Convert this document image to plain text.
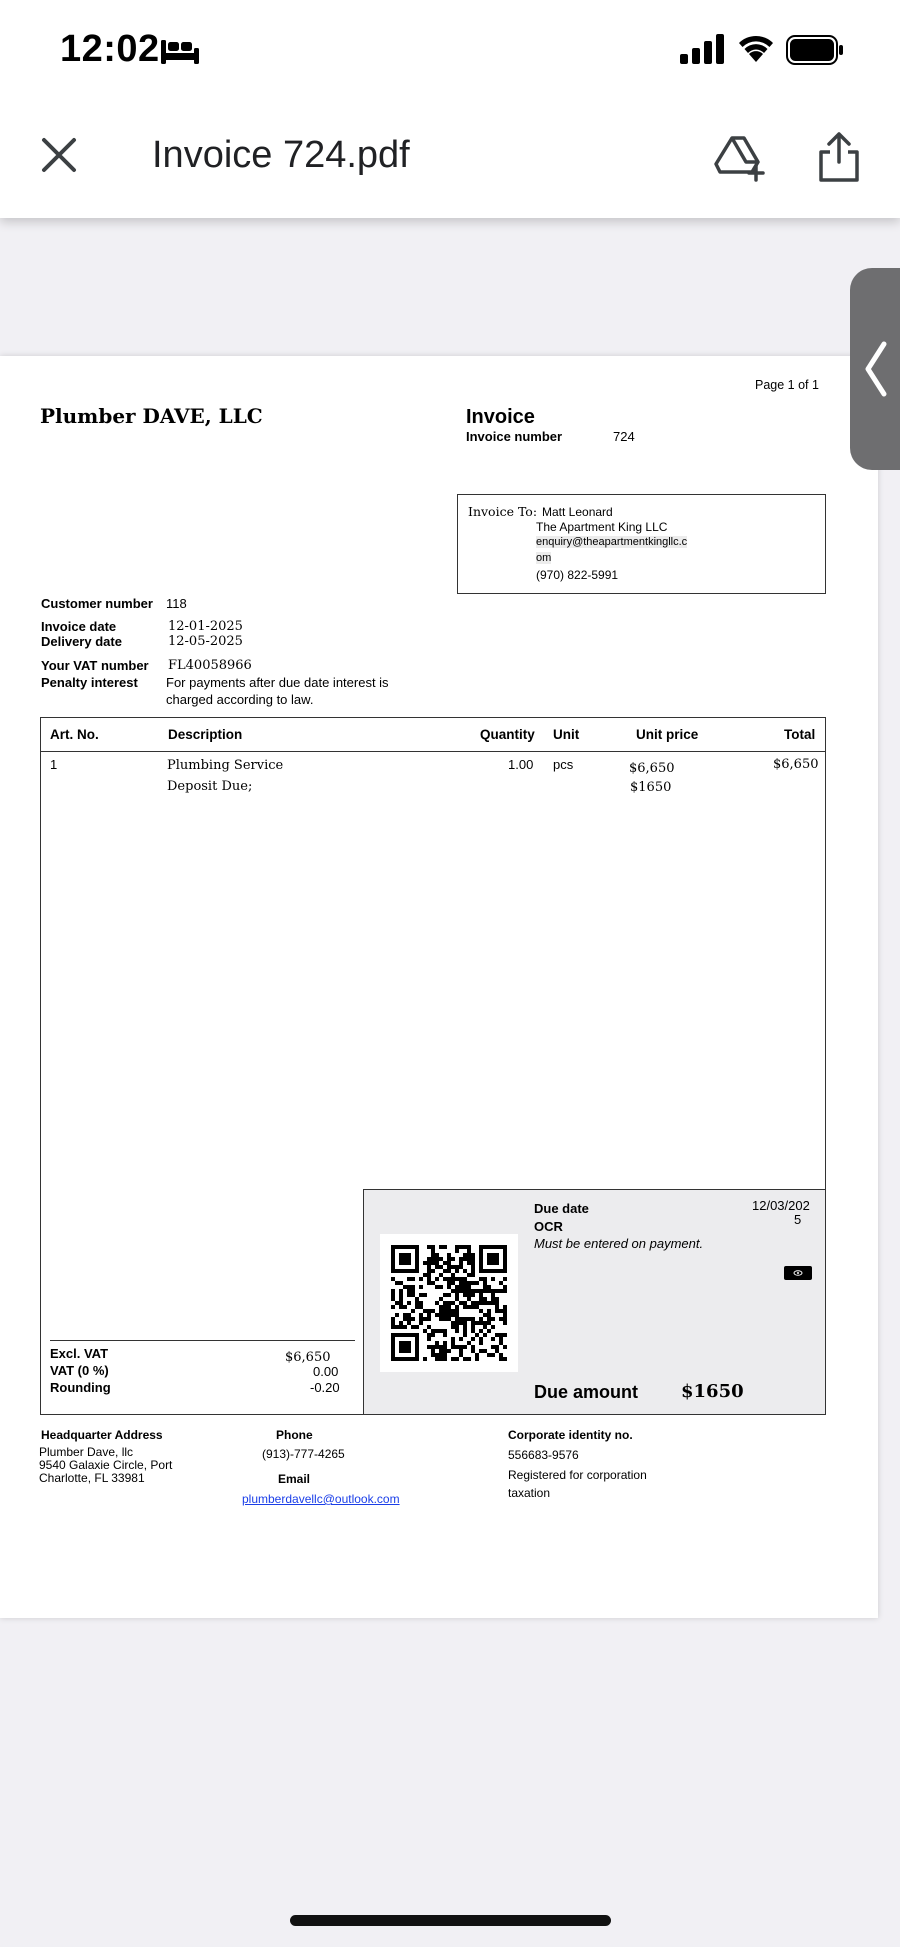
12:02
Invoice 724.pdf
Page 1 of 1
Plumber DAVE, LLC	Invoice
Invoice number	724
Invoice To: Matt Leonard
The Apartment King LLC
enquiry@theapartmentkingllc.c
om
(970) 822-5991
Customer number 118
Invoice date	12-01-2025
Delivery date	12-05-2025
Your VAT number FL40058966
Penalty interest For payments after due date interest is
charged according to law.
Art. No.	Description	Quantity Unit	Unit price	Total
1	Plumbing Service	1.00 pcs	$6,650	$6,650
Deposit Due;	$1650
Excl. VAT	$6,650
VAT (0 %)	0.00
Rounding	-0.20
Due date	12/03/202
5
OCR
Must be entered on payment.
Due amount $1650
Headquarter Address
Plumber Dave, llc
9540 Galaxie Circle, Port
Charlotte, FL 33981
Phone
(913)-777-4265
Email
plumberdavellc@outlook.com
Corporate identity no.
556683-9576
Registered for corporation
taxation
